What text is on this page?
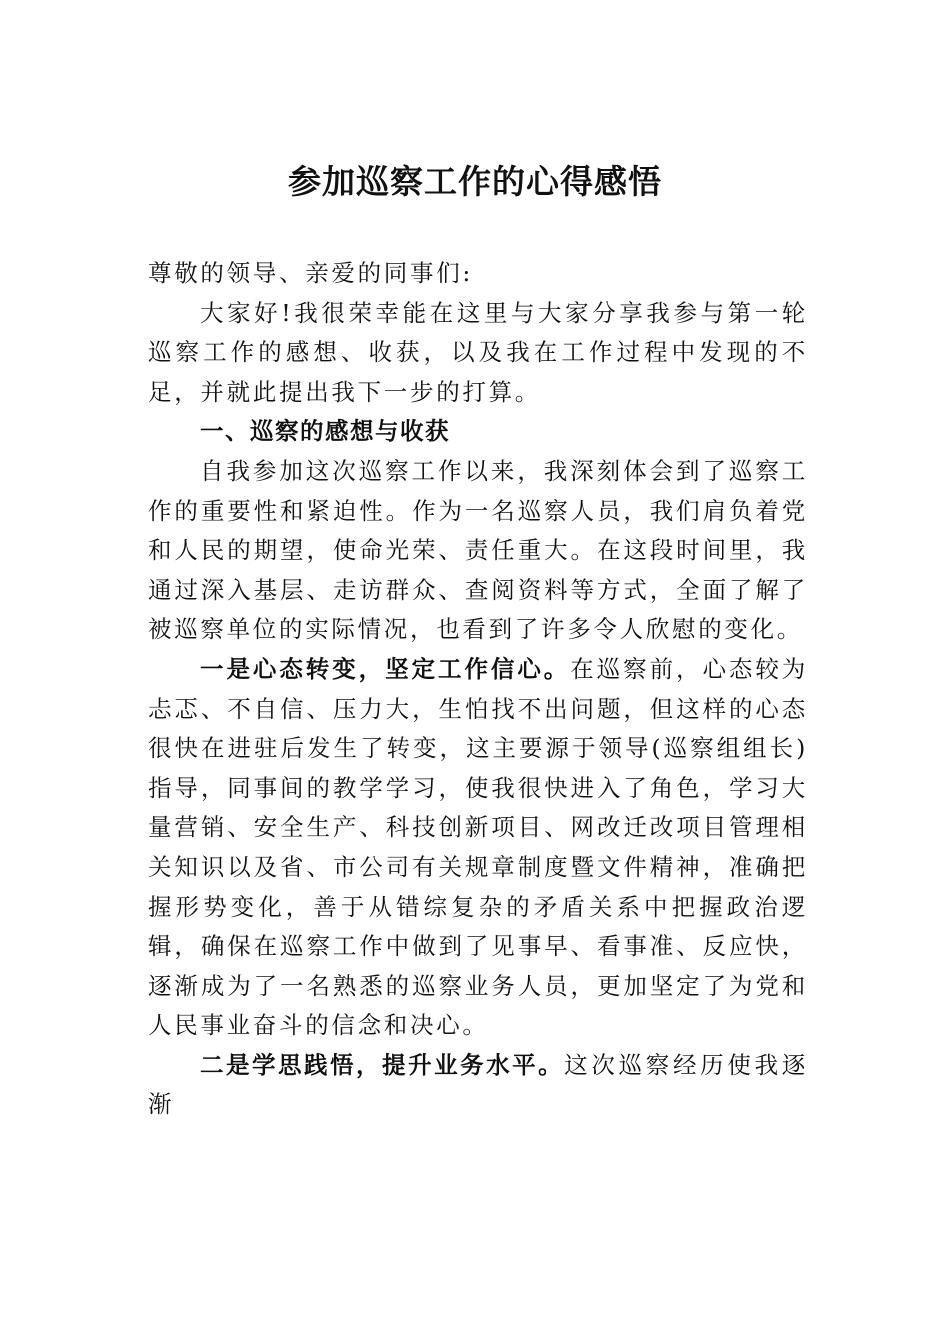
参加巡察工作的心得感悟

尊敬的领导、亲爱的同事们:

大家好!我很荣幸能在这里与大家分享我参与第一轮巡察工作的感想、收获，以及我在工作过程中发现的不足，并就此提出我下一步的打算。

一、巡察的感想与收获

自我参加这次巡察工作以来，我深刻体会到了巡察工作的重要性和紧迫性。作为一名巡察人员，我们肩负着党和人民的期望，使命光荣、责任重大。在这段时间里，我通过深入基层、走访群众、查阅资料等方式，全面了解了被巡察单位的实际情况，也看到了许多令人欣慰的变化。

一是心态转变，坚定工作信心。在巡察前，心态较为忐忑、不自信、压力大，生怕找不出问题，但这样的心态很快在进驻后发生了转变，这主要源于领导(巡察组组长)指导，同事间的教学学习，使我很快进入了角色，学习大量营销、安全生产、科技创新项目、网改迁改项目管理相关知识以及省、市公司有关规章制度暨文件精神，准确把握形势变化，善于从错综复杂的矛盾关系中把握政治逻辑，确保在巡察工作中做到了见事早、看事准、反应快，逐渐成为了一名熟悉的巡察业务人员，更加坚定了为党和人民事业奋斗的信念和决心。

二是学思践悟，提升业务水平。这次巡察经历使我逐渐
